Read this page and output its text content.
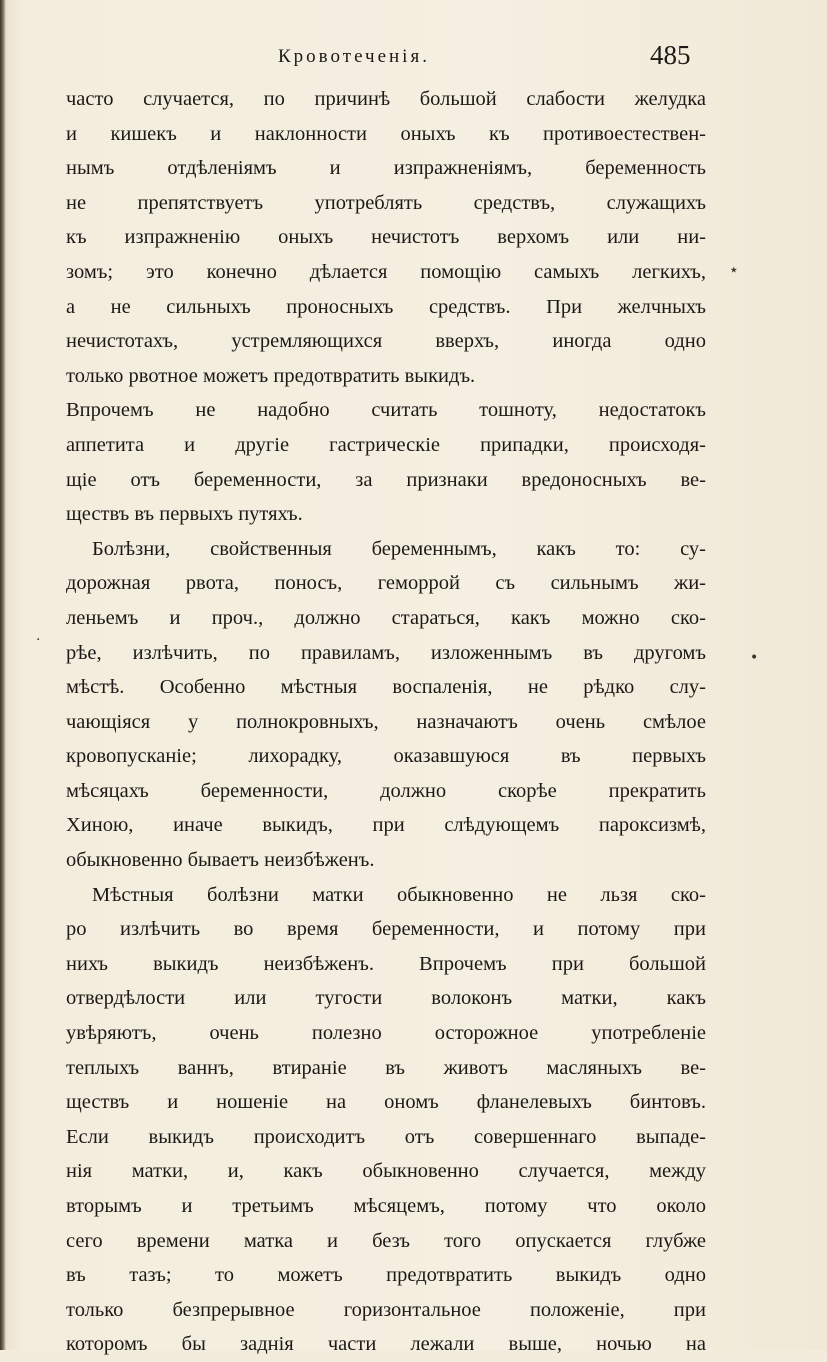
Кровотеченія.	485
часто случается, по причинѣ большой слабости желудка
и кишекъ и наклонности оныхъ къ противоестествен-
нымъ отдѣленіямъ и изпражненіямъ, беременность
не препятствуетъ употреблять средствъ, служащихъ
къ изпражненію оныхъ нечистотъ верхомъ или ни-
зомъ; это конечно дѣлается помощію самыхъ легкихъ,
а не сильныхъ проносныхъ средствъ. При желчныхъ
нечистотахъ, устремляющихся вверхъ, иногда одно
только рвотное можетъ предотвратить выкидъ.
Впрочемъ не надобно считать тошноту, недостатокъ
аппетита и другіе гастрическіе припадки, происходя-
щіе отъ беременности, за признаки вредоносныхъ ве-
ществъ въ первыхъ путяхъ.
Болѣзни, свойственныя беременнымъ, какъ то: су-
дорожная рвота, поносъ, геморрой съ сильнымъ жи-
леньемъ и проч., должно стараться, какъ можно ско-
рѣе, излѣчить, по правиламъ, изложеннымъ въ другомъ
мѣстѣ. Особенно мѣстныя воспаленія, не рѣдко слу-
чающіяся у полнокровныхъ, назначаютъ очень смѣлое
кровопусканіе; лихорадку, оказавшуюся въ первыхъ
мѣсяцахъ беременности, должно скорѣе прекратить
Хиною, иначе выкидъ, при слѣдующемъ пароксизмѣ,
обыкновенно бываетъ неизбѣженъ.
Мѣстныя болѣзни матки обыкновенно не льзя ско-
ро излѣчить во время беременности, и потому при
нихъ выкидъ неизбѣженъ. Впрочемъ при большой
отвердѣлости или тугости волоконъ матки, какъ
увѣряютъ, очень полезно осторожное употребленіе
теплыхъ ваннъ, втираніе въ животъ масляныхъ ве-
ществъ и ношеніе на ономъ фланелевыхъ бинтовъ.
Если выкидъ происходитъ отъ совершеннаго выпаде-
нія матки, и, какъ обыкновенно случается, между
вторымъ и третьимъ мѣсяцемъ, потому что около
сего времени матка и безъ того опускается глубже
въ тазъ; то можетъ предотвратить выкидъ одно
только безпрерывное горизонтальное положеніе, при
которомъ бы заднія части лежали выше, ночью на
٭
•
·
